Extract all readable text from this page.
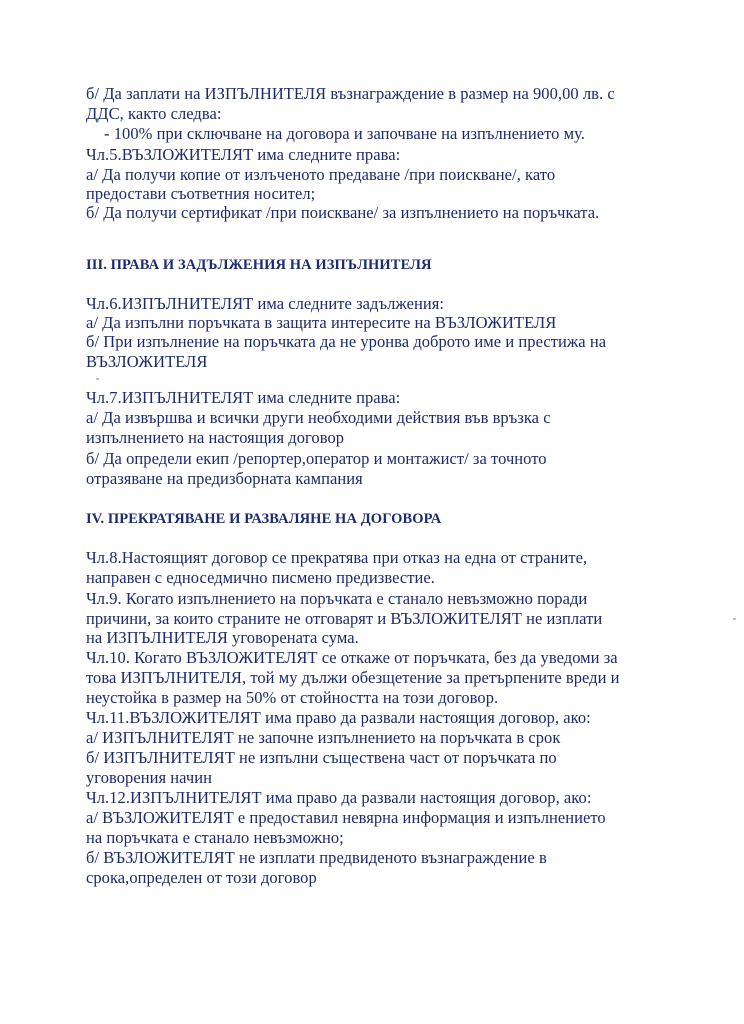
б/ Да заплати на ИЗПЪЛНИТЕЛЯ възнаграждение в размер на 900,00 лв. с
ДДС, както следва:
- 100% при сключване на договора и започване на изпълнението му.
Чл.5.ВЪЗЛОЖИТЕЛЯТ има следните права:
а/ Да получи копие от излъченото предаване /при поискване/, като
предостави съответния носител;
б/ Да получи сертификат /при поискване/ за изпълнението на поръчката.
III. ПРАВА И ЗАДЪЛЖЕНИЯ НА ИЗПЪЛНИТЕЛЯ
Чл.6.ИЗПЪЛНИТЕЛЯТ има следните задължения:
а/ Да изпълни поръчката в защита интересите на ВЪЗЛОЖИТЕЛЯ
б/ При изпълнение на поръчката да не уронва доброто име и престижа на
ВЪЗЛОЖИТЕЛЯ
Чл.7.ИЗПЪЛНИТЕЛЯТ има следните права:
а/ Да извършва и всички други необходими действия във връзка с
изпълнението на настоящия договор
б/ Да определи екип /репортер,оператор и монтажист/ за точното
отразяване на предизборната кампания
IV. ПРЕКРАТЯВАНЕ И РАЗВАЛЯНЕ НА ДОГОВОРА
Чл.8.Настоящият договор се прекратява при отказ на една от страните,
направен с едноседмично писмено предизвестие.
Чл.9. Когато изпълнението на поръчката е станало невъзможно поради
причини, за които страните не отговарят и ВЪЗЛОЖИТЕЛЯТ не изплати
на ИЗПЪЛНИТЕЛЯ уговорената сума.
Чл.10. Когато ВЪЗЛОЖИТЕЛЯТ се откаже от поръчката, без да уведоми за
това ИЗПЪЛНИТЕЛЯ, той му дължи обезщетение за претърпените вреди и
неустойка в размер на 50% от стойността на този договор.
Чл.11.ВЪЗЛОЖИТЕЛЯТ има право да развали настоящия договор, ако:
а/ ИЗПЪЛНИТЕЛЯТ не започне изпълнението на поръчката в срок
б/ ИЗПЪЛНИТЕЛЯТ не изпълни съществена част от поръчката по
уговорения начин
Чл.12.ИЗПЪЛНИТЕЛЯТ има право да развали настоящия договор, ако:
а/ ВЪЗЛОЖИТЕЛЯТ е предоставил невярна информация и изпълнението
на поръчката е станало невъзможно;
б/ ВЪЗЛОЖИТЕЛЯТ не изплати предвиденото възнаграждение в
срока,определен от този договор
